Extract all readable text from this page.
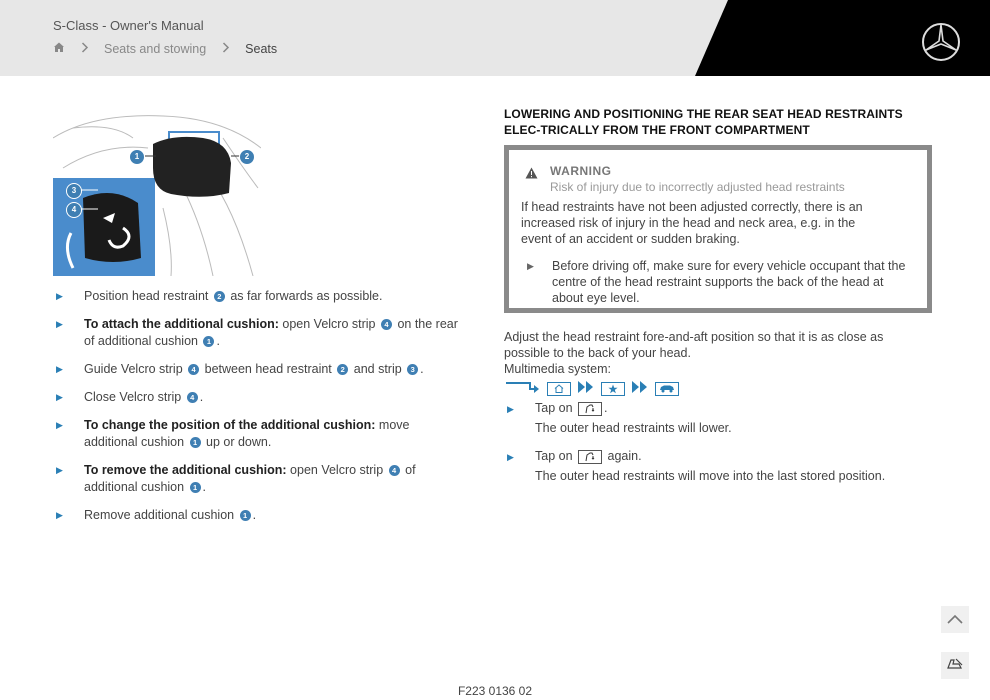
S-Class - Owner's Manual
Seats and stowing	Seats
1	2
3
4
▶ Position head restraint 2 as far forwards as possible.
▶ To attach the additional cushion: open Velcro strip 4 on the rear of additional cushion 1 .
▶ Guide Velcro strip 4 between head restraint 2 and strip 3 .
▶ Close Velcro strip 4 .
▶ To change the position of the additional cushion: move additional cushion 1 up or down.
▶ To remove the additional cushion: open Velcro strip 4 of additional cushion 1 .
▶ Remove additional cushion 1 .
LOWERING AND POSITIONING THE REAR SEAT HEAD RESTRAINTS ELEC-TRICALLY FROM THE FRONT COMPARTMENT
WARNING
Risk of injury due to incorrectly adjusted head restraints
If head restraints have not been adjusted correctly, there is an increased risk of injury in the head and neck area, e.g. in the event of an accident or sudden braking.
▶ Before driving off, make sure for every vehicle occupant that the centre of the head restraint supports the back of the head at about eye level.
Adjust the head restraint fore-and-aft position so that it is as close as possible to the back of your head.
Multimedia system:
▶ Tap on
.
The outer head restraints will lower.
▶ Tap on
again.
The outer head restraints will move into the last stored position.
F223 0136 02
